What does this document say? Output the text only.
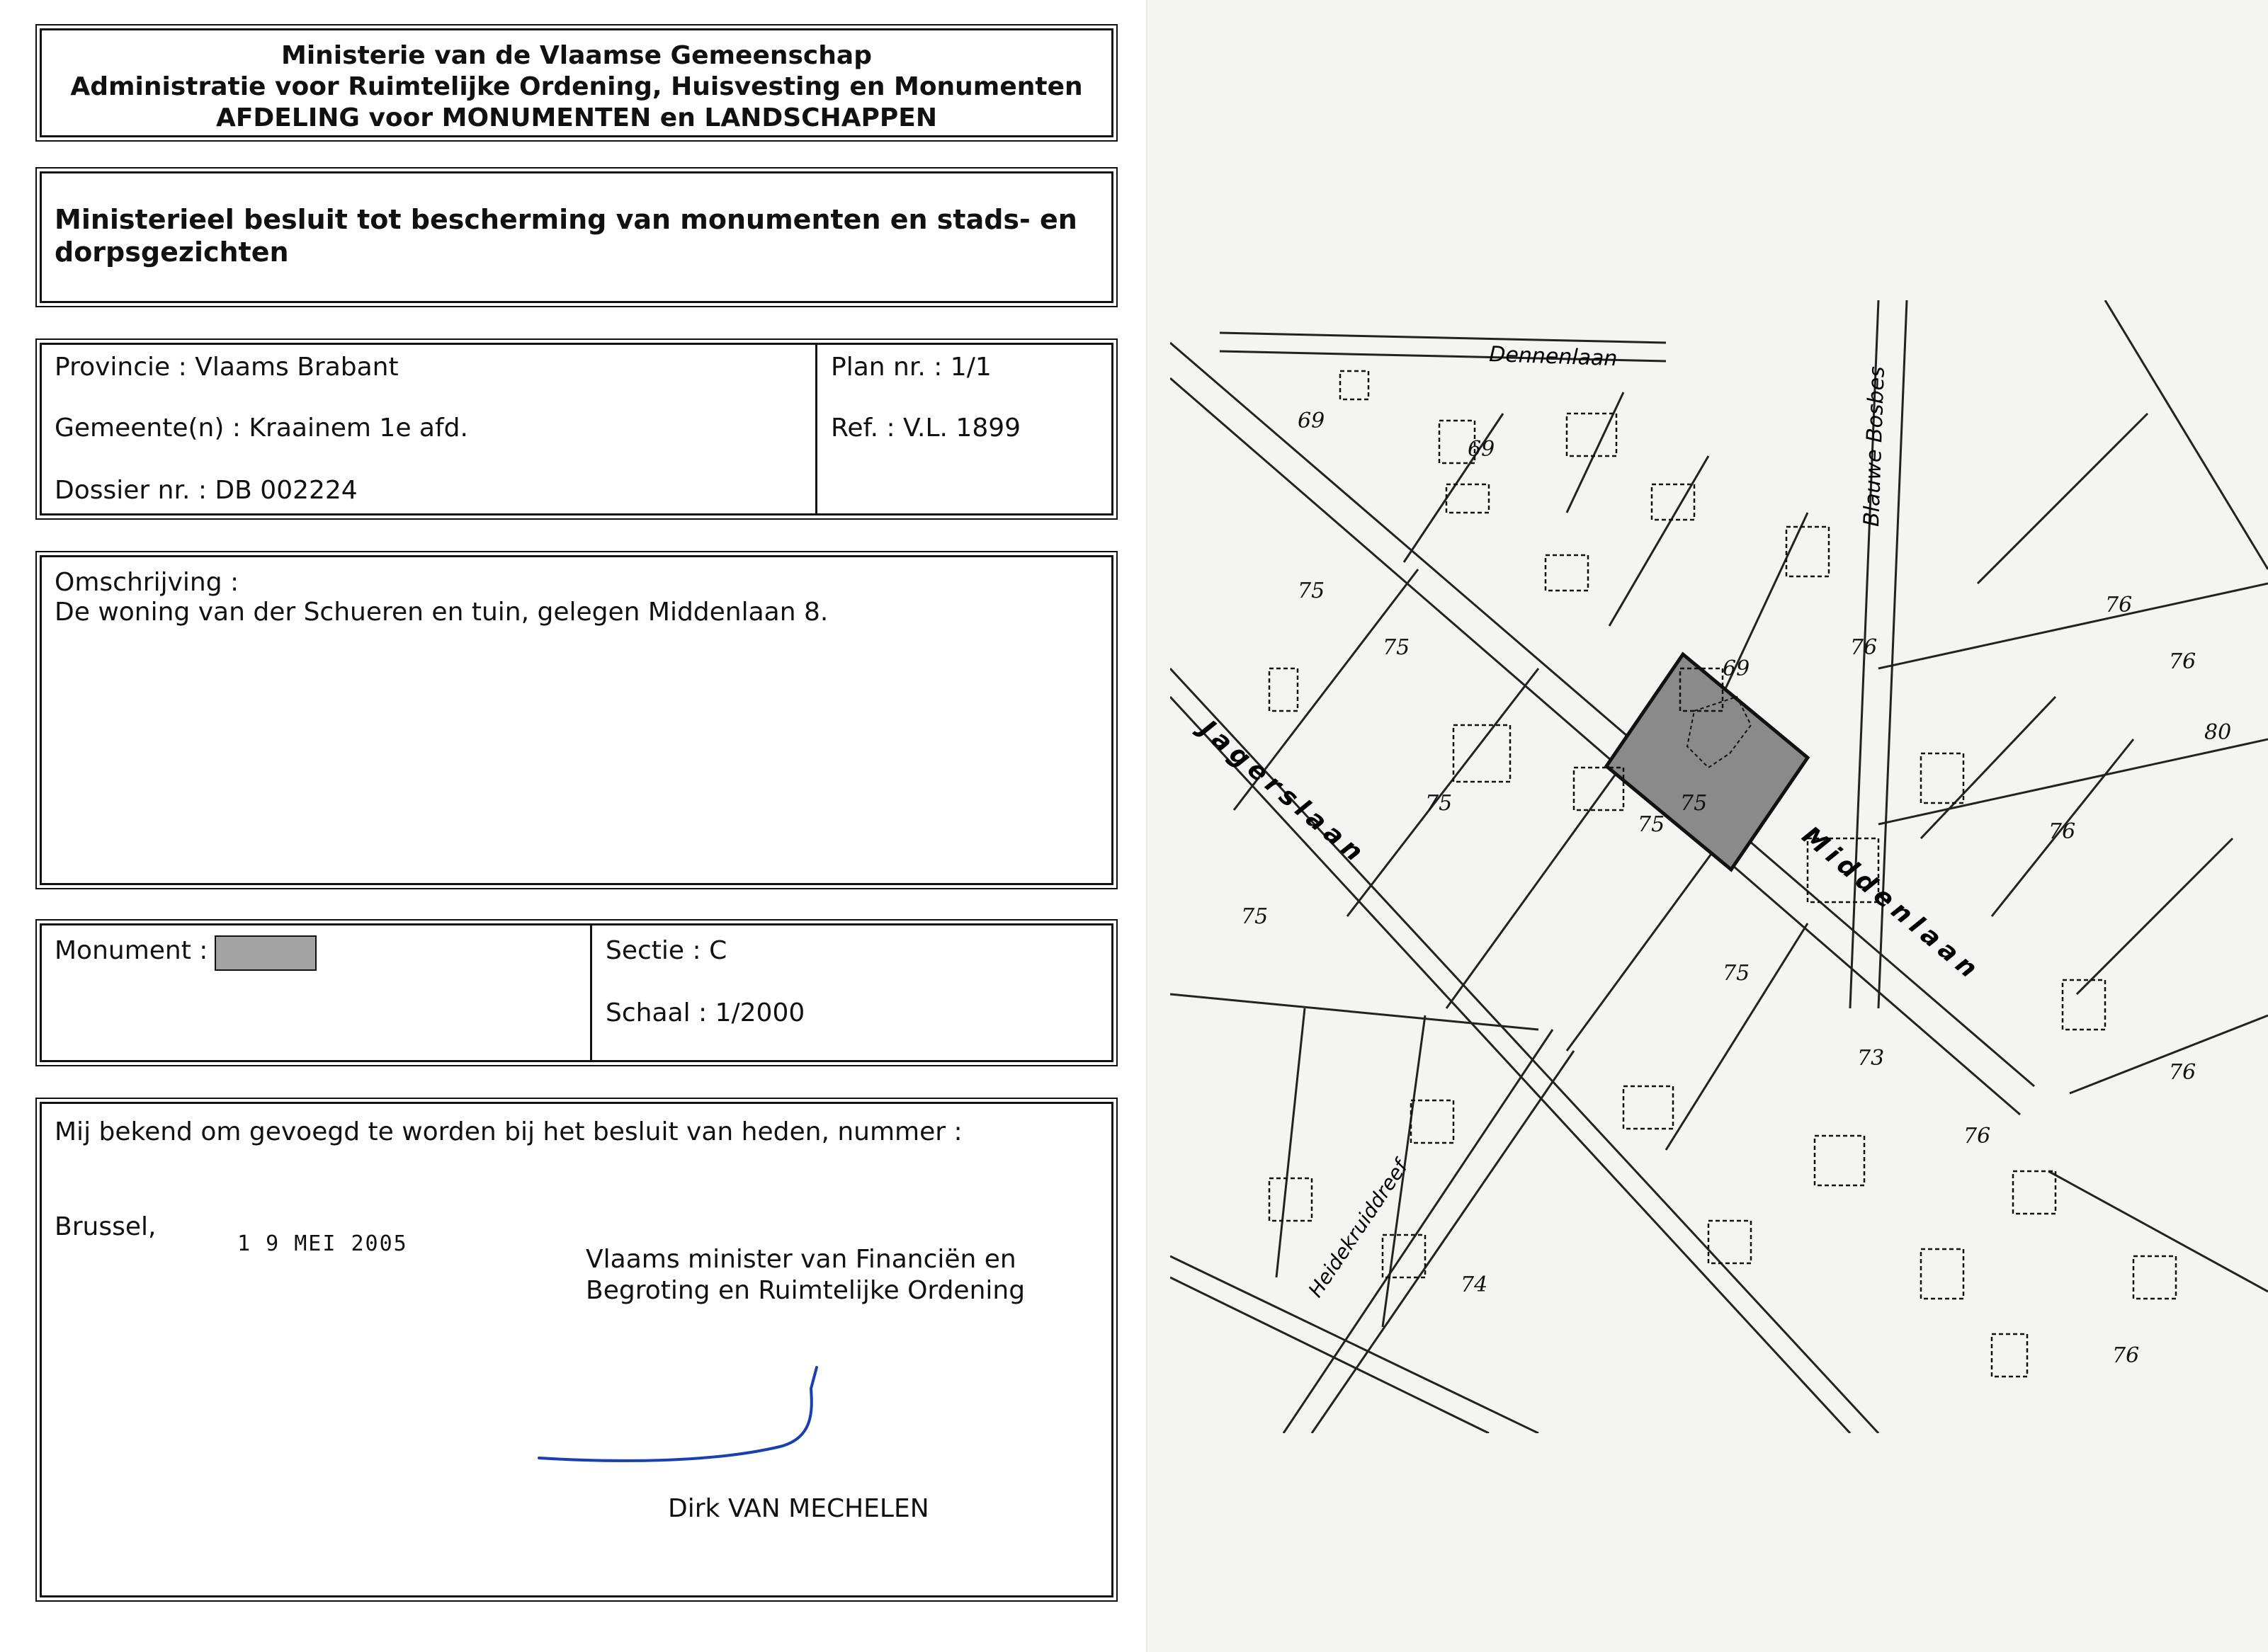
Ministerie van de Vlaamse Gemeenschap
Administratie voor Ruimtelijke Ordening, Huisvesting en Monumenten
AFDELING voor MONUMENTEN en LANDSCHAPPEN
Ministerieel besluit tot bescherming van monumenten en stads- en
dorpsgezichten
Provincie : Vlaams Brabant
Gemeente(n) : Kraainem 1e afd.
Dossier nr. : DB 002224
Plan nr. : 1/1
Ref. : V.L. 1899
Omschrijving :
De woning van der Schueren en tuin, gelegen Middenlaan 8.
Monument :	Sectie : C
Schaal : 1/2000
Mij bekend om gevoegd te worden bij het besluit van heden, nummer :
Brussel,
1 9 MEI 2005
Vlaams minister van Financiën en
Begroting en Ruimtelijke Ordening
Dirk VAN MECHELEN
Dennenlaan
Blauwe Bosbes
Jagerslaan
Middenlaan
Heidekruiddreef
69
69
75
75
75
75
76
76
76
80
75
74
76
76
73
76
76
69
75
75
